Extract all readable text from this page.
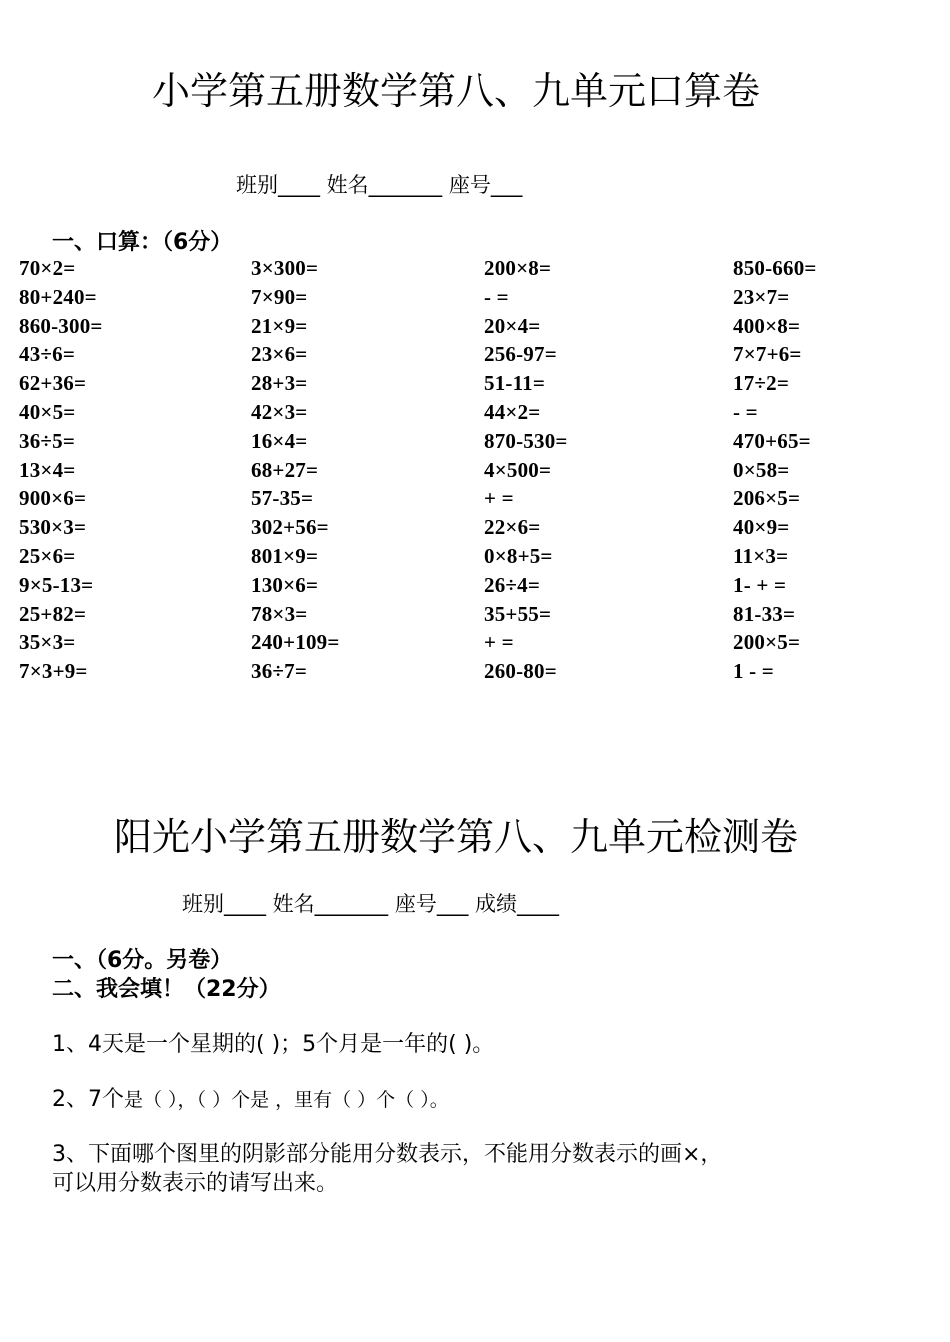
小学第五册数学第八、九单元口算卷
班别____ 姓名_______ 座号___
一、口算：（6分）
70×2=
80+240=
860-300=
43÷6=
62+36=
40×5=
36÷5=
13×4=
900×6=
530×3=
25×6=
9×5-13=
25+82=
35×3=
7×3+9=
3×300=
7×90=
21×9=
23×6=
28+3=
42×3=
16×4=
68+27=
57-35=
302+56=
801×9=
130×6=
78×3=
240+109=
36÷7=
200×8=
- =
20×4=
256-97=
51-11=
44×2=
870-530=
4×500=
+ =
22×6=
0×8+5=
26÷4=
35+55=
+ =
260-80=
850-660=
23×7=
400×8=
7×7+6=
17÷2=
- =
470+65=
0×58=
206×5=
40×9=
11×3=
1- + =
81-33=
200×5=
1 - =
阳光小学第五册数学第八、九单元检测卷
班别____ 姓名_______ 座号___ 成绩____
一、（6分。另卷）
二、我会填！（22分）
1、4天是一个星期的( )；5个月是一年的( )。
2、7个是（ ），（ ）个是 ，里有（ ）个（ ）。
3、下面哪个图里的阴影部分能用分数表示，不能用分数表示的画×，
可以用分数表示的请写出来。
